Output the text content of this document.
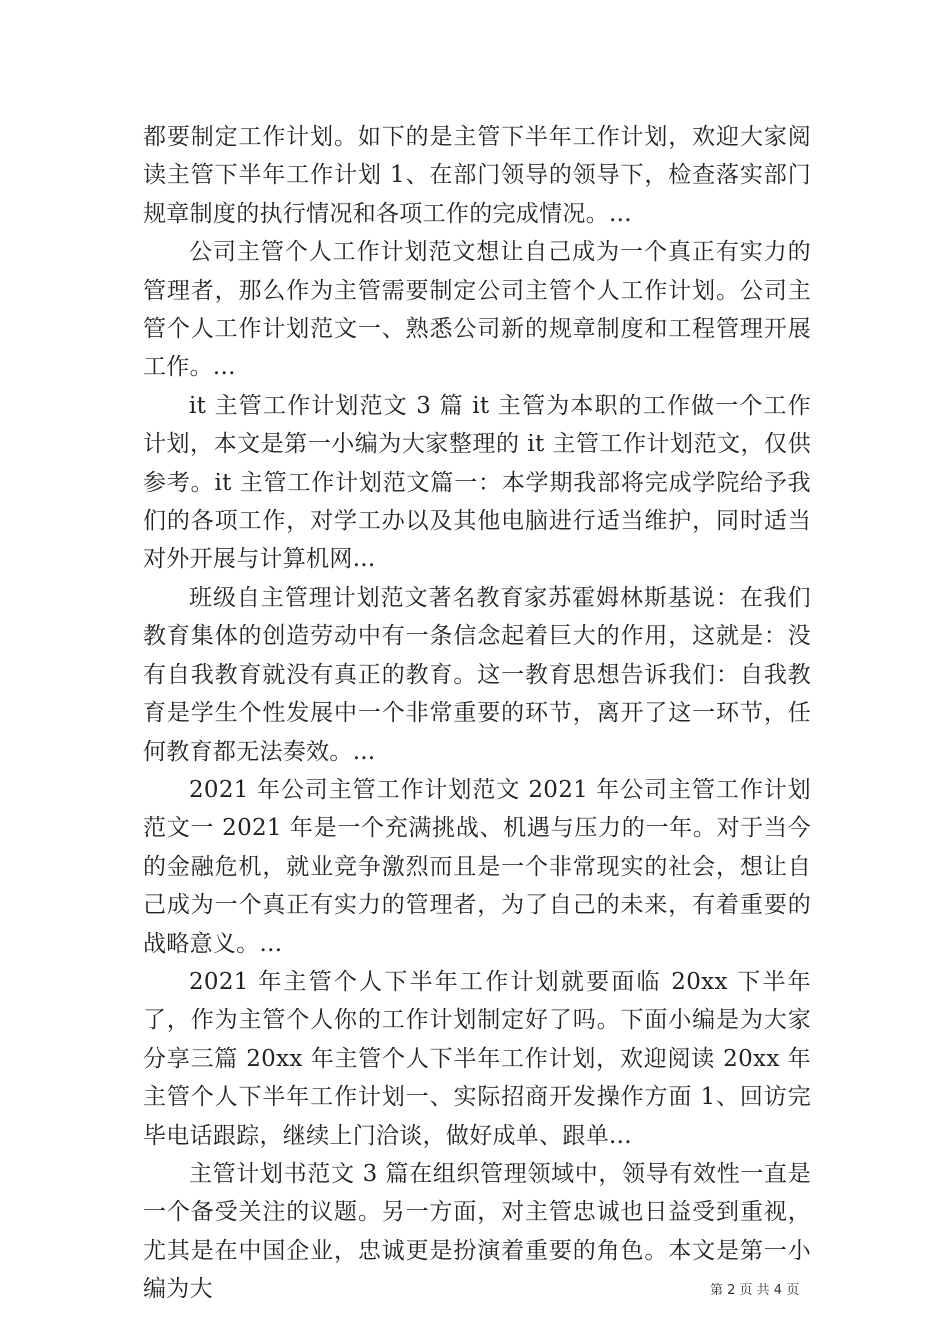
都要制定工作计划。如下的是主管下半年工作计划，欢迎大家阅读主管下半年工作计划 1、在部门领导的领导下，检查落实部门规章制度的执行情况和各项工作的完成情况。...

公司主管个人工作计划范文想让自己成为一个真正有实力的管理者，那么作为主管需要制定公司主管个人工作计划。公司主管个人工作计划范文一、熟悉公司新的规章制度和工程管理开展工作。...

it 主管工作计划范文 3 篇 it 主管为本职的工作做一个工作计划，本文是第一小编为大家整理的 it 主管工作计划范文，仅供参考。it 主管工作计划范文篇一：本学期我部将完成学院给予我们的各项工作，对学工办以及其他电脑进行适当维护，同时适当对外开展与计算机网...

班级自主管理计划范文著名教育家苏霍姆林斯基说：在我们教育集体的创造劳动中有一条信念起着巨大的作用，这就是：没有自我教育就没有真正的教育。这一教育思想告诉我们：自我教育是学生个性发展中一个非常重要的环节，离开了这一环节，任何教育都无法奏效。...

2021 年公司主管工作计划范文 2021 年公司主管工作计划范文一 2021 年是一个充满挑战、机遇与压力的一年。对于当今的金融危机，就业竞争激烈而且是一个非常现实的社会，想让自己成为一个真正有实力的管理者，为了自己的未来，有着重要的战略意义。...

2021 年主管个人下半年工作计划就要面临 20xx 下半年了，作为主管个人你的工作计划制定好了吗。下面小编是为大家分享三篇 20xx 年主管个人下半年工作计划，欢迎阅读 20xx 年主管个人下半年工作计划一、实际招商开发操作方面 1、回访完毕电话跟踪，继续上门洽谈，做好成单、跟单...

主管计划书范文 3 篇在组织管理领域中，领导有效性一直是一个备受关注的议题。另一方面，对主管忠诚也日益受到重视，尤其是在中国企业，忠诚更是扮演着重要的角色。本文是第一小编为大	第 2 页 共 4 页
